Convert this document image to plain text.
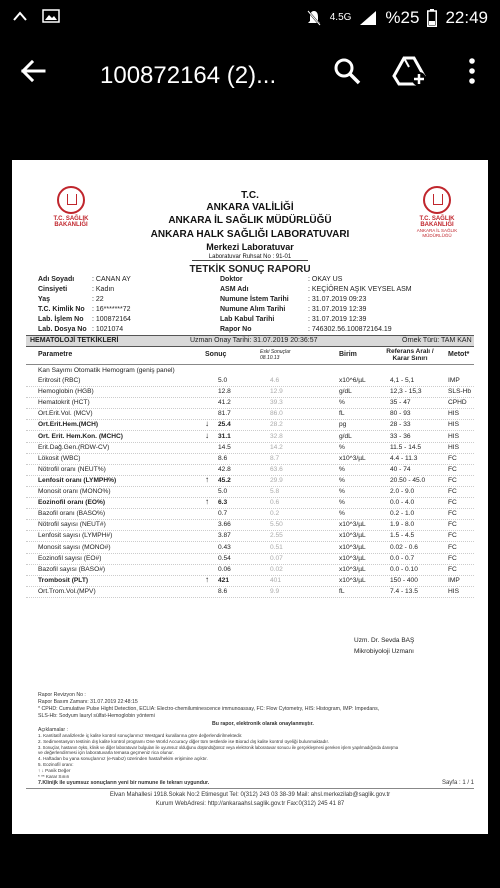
4.5G %25 22:49
100872164 (2)...
T.C. SAĞLIK BAKANLIĞI
T.C. SAĞLIK BAKANLIĞI
ANKARA İL SAĞLIK MÜDÜRLÜĞÜ
T.C.
ANKARA VALİLİĞİ
ANKARA İL SAĞLIK MÜDÜRLÜĞÜ
ANKARA HALK SAĞLIĞI LABORATUVARI
Merkezi Laboratuvar
Laboratuvar Ruhsat No : 91-01
TETKİK SONUÇ RAPORU
Adı Soyadı	: CANAN AY
Cinsiyeti	: Kadın
Yaş	: 22
T.C. Kimlik No : 16*******72
Lab. İşlem No : 100872164
Lab. Dosya No : 1021074
Doktor	: OKAY US
ASM Adı	: KEÇİÖREN AŞIK VEYSEL ASM
Numune İstem Tarihi	: 31.07.2019 09:23
Numune Alım Tarihi	: 31.07.2019 12:39
Lab Kabul Tarihi	: 31.07.2019 12:39
Rapor No	: 746302.56.100872164.19
HEMATOLOJİ TETKİKLERİ	Uzman Onay Tarihi: 31.07.2019 20:36:57	Örnek Türü: TAM KAN
Parametre	Sonuç	Eski Sonuçlar
08.10.13	Birim	Referans Aralı / Karar Sınırı
Metot*
Kan Sayımı Otomatik Hemogram (geniş panel)
Eritrosit (RBC)	5.0	4.6	x10^6/µL	4,1 - 5,1	IMP
Hemoglobin (HGB)	12.8	12.9	g/dL	12,3 - 15,3	SLS-Hb
Hematokrit (HCT)	41.2	39.3	%	35 - 47	CPHD
Ort.Erit.Vol. (MCV)	81.7	86.0	fL	80 - 93	HIS
Ort.Erit.Hem.(MCH)	↓ 25.4	28.2	pg	28 - 33	HIS
Ort. Erit. Hem.Kon. (MCHC)	↓ 31.1	32.8	g/dL	33 - 36	HIS
Erit.Dağ.Gen.(RDW-CV)	14.5	14.2	%	11.5 - 14.5	HIS
Lökosit (WBC)	8.6	8.7	x10^3/µL	4.4 - 11.3	FC
Nötrofil oranı (NEUT%)	42.8	63.6	%	40 - 74	FC
Lenfosit oranı (LYMPH%)	↑ 45.2	29.9	%	20.50 - 45.0	FC
Monosit oranı (MONO%)	5.0	5.8	%	2.0 - 9.0	FC
Eozinofil oranı (EO%)	↑ 6.3	0.6	%	0.0 - 4.0	FC
Bazofil oranı (BASO%)	0.7	0.2	%	0.2 - 1.0	FC
Nötrofil sayısı (NEUT#)	3.66	5.50	x10^3/µL	1.9 - 8.0	FC
Lenfosit sayısı (LYMPH#)	3.87	2.55	x10^3/µL	1.5 - 4.5	FC
Monosit sayısı (MONO#)	0.43	0.51	x10^3/µL	0.02 - 0.6	FC
Eozinofil sayısı (EO#)	0.54	0.07	x10^3/µL	0.0 - 0.7	FC
Bazofil sayısı (BASO#)	0.06	0.02	x10^3/µL	0.0 - 0.10	FC
Trombosit (PLT)	↑ 421	401	x10^3/µL	150 - 400	IMP
Ort.Trom.Vol.(MPV)	8.6	9.9	fL	7.4 - 13.5	HIS
Uzm. Dr. Sevda BAŞ
Mikrobiyoloji Uzmanı
Rapor Revizyon No :
Rapor Basım Zamanı: 31.07.2019 22:48:15
* CPHD: Cumulative Pulse Hight Detection, ECLIA: Electro-chemiluminescence immunoassay, FC: Flow Cytometry, HIS: Histogram, IMP: Impedans,
SLS-Hb: Sodyum lauryl sülfat-Hemoglobin yöntemi
Bu rapor, elektronik olarak onaylanmıştır.
Açıklamalar :
1. Kantitatif analizlerde iç kalite kontrol sonuçlarımız Westgard kurallarına göre değerlendirilmektedir.
2. Sedimentasyon testinin dış kalite kontrol programı One World Accuracy diğer tüm testlerde ise Biorad dış kalite kontrol üyeliği bulunmaktadır.
3. Sonuçlar, hastanın öykü, klinik ve diğer laboratuvar bulguları ile uyumsuz olduğunu düşündüğünüz veya elektronik laboratuvar sonucu ile gerçekleşmesi gereken işlem yapılmadığında danışma
ve değerlendirmesi için laboratuvarla temasa geçmeniz rica olunur.
4. Haftadan bu yana sonuçlarınız (e-Nabız) üzerinden hasta/hekim erişimine açıktır.
5. Eozinofil oranı:
↑ ↓ Panik Değer
* ** Karar Sınırı
7.Klinijk ile uyumsuz sonuçların yeni bir numune ile tekrarı uygundur.	Sayfa : 1 / 1
Elvan Mahallesi 1918.Sokak No:2 Etimesgut Tel: 0(312) 243 03 38-39 Mail: ahsl.merkezilab@saglik.gov.tr
Kurum WebAdresi: http://ankaraahsl.saglik.gov.tr Fax:0(312) 245 41 87
